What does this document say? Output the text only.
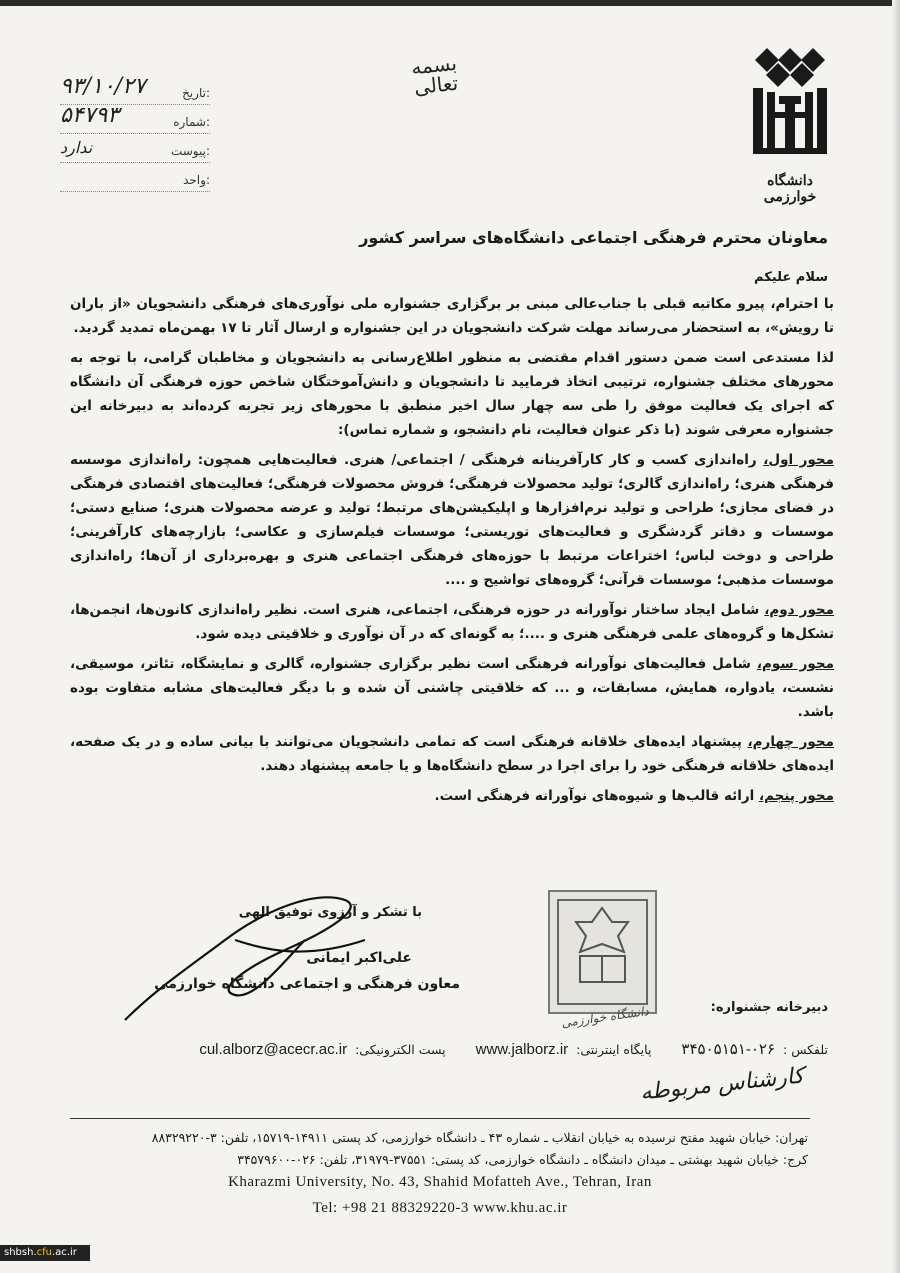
۹۳/۱۰/۲۷	تاریخ:
۵۴۷۹۳	شماره:
ندارد	پیوست:
واحد:
بسمه تعالی
دانشگاه خوارزمی
معاونان محترم فرهنگی اجتماعی دانشگاه‌های سراسر کشور
سلام علیکم

با احترام، پیرو مکاتبه قبلی با جناب‌عالی مبنی بر برگزاری جشنواره ملی نوآوری‌های فرهنگی دانشجویان «از باران تا رویش»، به استحضار می‌رساند مهلت شرکت دانشجویان در این جشنواره و ارسال آثار تا ۱۷ بهمن‌ماه تمدید گردید.

لذا مستدعی است ضمن دستور اقدام مقتضی به منظور اطلاع‌رسانی به دانشجویان و مخاطبان گرامی، با توجه به محورهای مختلف جشنواره، ترتیبی اتخاذ فرمایید تا دانشجویان و دانش‌آموختگان شاخص حوزه فرهنگی آن دانشگاه که اجرای یک فعالیت موفق را طی سه چهار سال اخیر منطبق با محورهای زیر تجربه کرده‌اند به دبیرخانه این جشنواره معرفی شوند (با ذکر عنوان فعالیت، نام دانشجو، و شماره تماس):

محور اول، راه‌اندازی کسب و کار کارآفرینانه فرهنگی / اجتماعی/ هنری. فعالیت‌هایی همچون: راه‌اندازی موسسه فرهنگی هنری؛ راه‌اندازی گالری؛ تولید محصولات فرهنگی؛ فروش محصولات فرهنگی؛ فعالیت‌های اقتصادی فرهنگی در فضای مجازی؛ طراحی و تولید نرم‌افزارها و اپلیکیشن‌های مرتبط؛ تولید و عرضه محصولات هنری؛ صنایع دستی؛ موسسات و دفاتر گردشگری و فعالیت‌های توریستی؛ موسسات فیلم‌سازی و عکاسی؛ بازارچه‌های کارآفرینی؛ طراحی و دوخت لباس؛ اختراعات مرتبط با حوزه‌های فرهنگی اجتماعی هنری و بهره‌برداری از آن‌ها؛ راه‌اندازی موسسات مذهبی؛ موسسات قرآنی؛ گروه‌های تواشیح و ....

محور دوم، شامل ایجاد ساختار نوآورانه در حوزه فرهنگی، اجتماعی، هنری است. نظیر راه‌اندازی کانون‌ها، انجمن‌ها، تشکل‌ها و گروه‌های علمی فرهنگی هنری و ....؛ به گونه‌ای که در آن نوآوری و خلاقیتی دیده شود.

محور سوم، شامل فعالیت‌های نوآورانه فرهنگی است نظیر برگزاری جشنواره، گالری و نمایشگاه، تئاتر، موسیقی، نشست، یادواره، همایش، مسابقات، و ... که خلاقیتی چاشنی آن شده و با دیگر فعالیت‌های مشابه متفاوت بوده باشد.

محور چهارم، پیشنهاد ایده‌های خلاقانه فرهنگی است که تمامی دانشجویان می‌توانند با بیانی ساده و در یک صفحه، ایده‌های خلاقانه فرهنگی خود را برای اجرا در سطح دانشگاه‌ها و یا جامعه پیشنهاد دهند.

محور پنجم، ارائه قالب‌ها و شیوه‌های نوآورانه فرهنگی است.

با تشکر و آرزوی توفیق الهی
علی‌اکبر ایمانی
معاون فرهنگی و اجتماعی دانشگاه خوارزمی
دانشگاه خوارزمی	دبیرخانه جشنواره:
تلفکس : ۰۲۶-۳۴۵۰۵۱۵۱ پایگاه اینترنتی: www.jalborz.ir پست الکترونیکی: cul.alborz@acecr.ac.ir
کارشناس مربوطه
تهران: خیابان شهید مفتح نرسیده به خیابان انقلاب ـ شماره ۴۳ ـ دانشگاه خوارزمی، کد پستی ۱۴۹۱۱-۱۵۷۱۹، تلفن: ۳-۸۸۳۲۹۲۲۰
کرج: خیابان شهید بهشتی ـ میدان دانشگاه ـ دانشگاه خوارزمی، کد پستی: ۳۷۵۵۱-۳۱۹۷۹، تلفن: ۰۲۶-۳۴۵۷۹۶۰۰
Kharazmi University, No. 43, Shahid Mofatteh Ave., Tehran, Iran
Tel: +98 21 88329220-3 www.khu.ac.ir
shbsh.cfu.ac.ir
